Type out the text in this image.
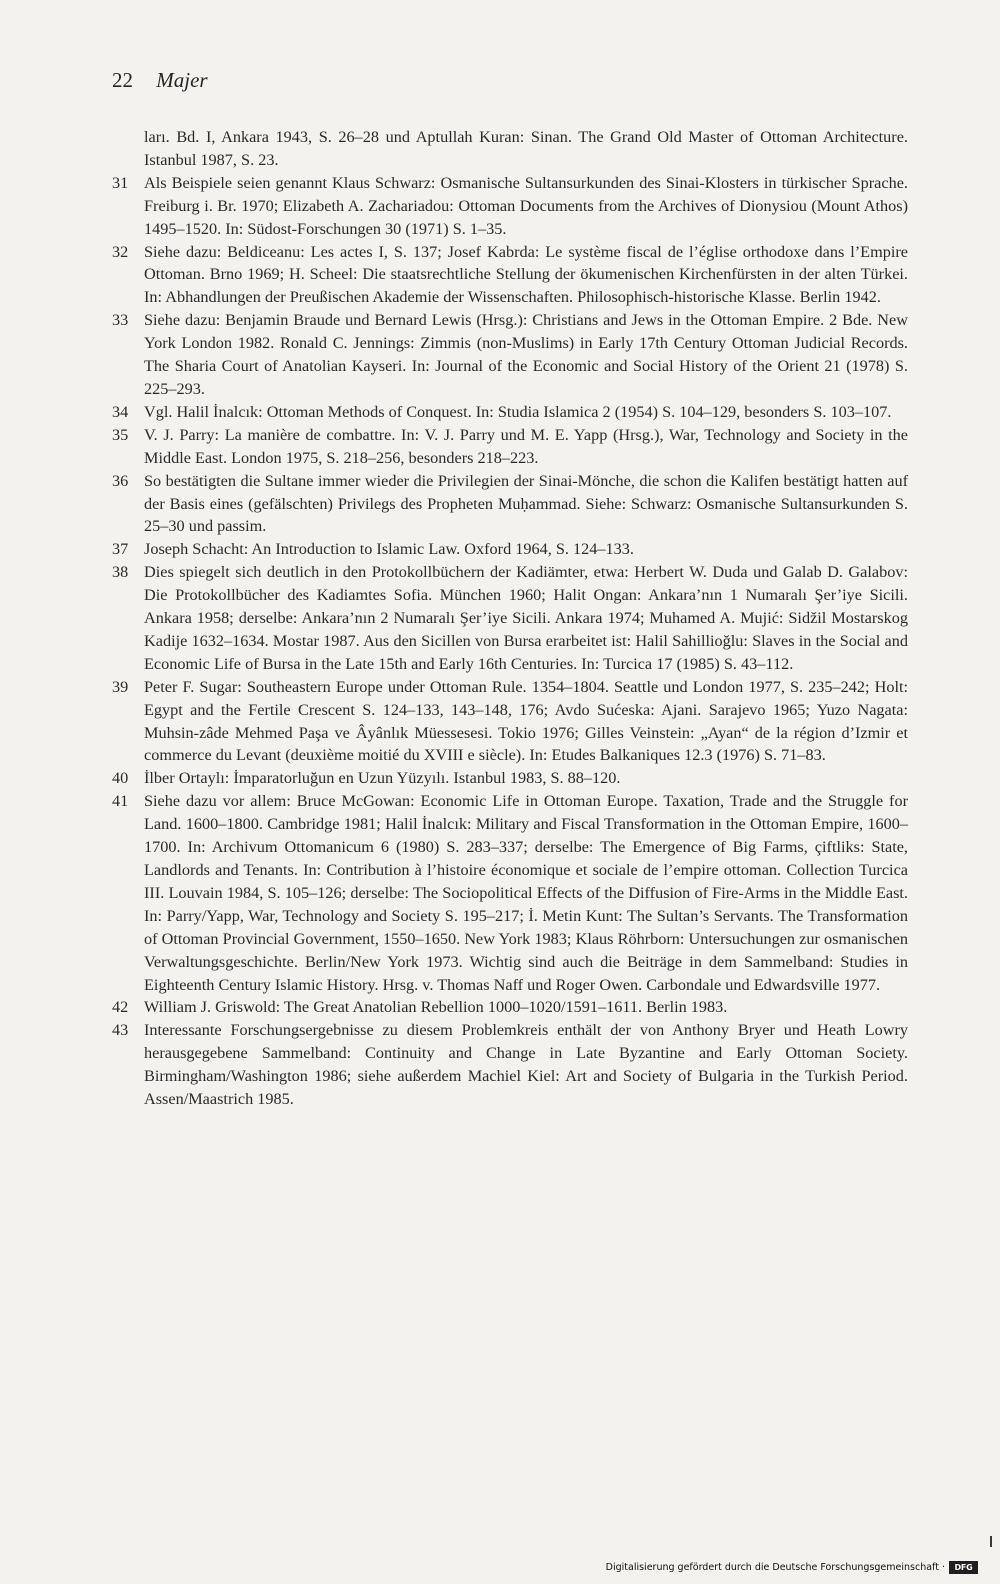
22 Majer
ları. Bd. I, Ankara 1943, S. 26–28 und Aptullah Kuran: Sinan. The Grand Old Master of Ottoman Architecture. Istanbul 1987, S. 23.
31 Als Beispiele seien genannt Klaus Schwarz: Osmanische Sultansurkunden des Sinai-Klosters in türkischer Sprache. Freiburg i. Br. 1970; Elizabeth A. Zachariadou: Ottoman Documents from the Archives of Dionysiou (Mount Athos) 1495–1520. In: Südost-Forschungen 30 (1971) S. 1–35.
32 Siehe dazu: Beldiceanu: Les actes I, S. 137; Josef Kabrda: Le système fiscal de l’église orthodoxe dans l’Empire Ottoman. Brno 1969; H. Scheel: Die staatsrechtliche Stellung der ökumenischen Kirchenfürsten in der alten Türkei. In: Abhandlungen der Preußischen Akademie der Wissenschaften. Philosophisch-historische Klasse. Berlin 1942.
33 Siehe dazu: Benjamin Braude und Bernard Lewis (Hrsg.): Christians and Jews in the Ottoman Empire. 2 Bde. New York London 1982. Ronald C. Jennings: Zimmis (non-Muslims) in Early 17th Century Ottoman Judicial Records. The Sharia Court of Anatolian Kayseri. In: Journal of the Economic and Social History of the Orient 21 (1978) S. 225–293.
34 Vgl. Halil İnalcık: Ottoman Methods of Conquest. In: Studia Islamica 2 (1954) S. 104–129, besonders S. 103–107.
35 V. J. Parry: La manière de combattre. In: V. J. Parry und M. E. Yapp (Hrsg.), War, Technology and Society in the Middle East. London 1975, S. 218–256, besonders 218–223.
36 So bestätigten die Sultane immer wieder die Privilegien der Sinai-Mönche, die schon die Kalifen bestätigt hatten auf der Basis eines (gefälschten) Privilegs des Propheten Muḥammad. Siehe: Schwarz: Osmanische Sultansurkunden S. 25–30 und passim.
37 Joseph Schacht: An Introduction to Islamic Law. Oxford 1964, S. 124–133.
38 Dies spiegelt sich deutlich in den Protokollbüchern der Kadiämter, etwa: Herbert W. Duda und Galab D. Galabov: Die Protokollbücher des Kadiamtes Sofia. München 1960; Halit Ongan: Ankara’nın 1 Numaralı Şer’iye Sicili. Ankara 1958; derselbe: Ankara’nın 2 Numaralı Şer’iye Sicili. Ankara 1974; Muhamed A. Mujić: Sidžil Mostarskog Kadije 1632–1634. Mostar 1987. Aus den Sicillen von Bursa erarbeitet ist: Halil Sahillioğlu: Slaves in the Social and Economic Life of Bursa in the Late 15th and Early 16th Centuries. In: Turcica 17 (1985) S. 43–112.
39 Peter F. Sugar: Southeastern Europe under Ottoman Rule. 1354–1804. Seattle und London 1977, S. 235–242; Holt: Egypt and the Fertile Crescent S. 124–133, 143–148, 176; Avdo Sućeska: Ajani. Sarajevo 1965; Yuzo Nagata: Muhsin-zâde Mehmed Paşa ve Âyânlık Müessesesi. Tokio 1976; Gilles Veinstein: „Ayan“ de la région d’Izmir et commerce du Levant (deuxième moitié du XVIII e siècle). In: Etudes Balkaniques 12.3 (1976) S. 71–83.
40 İlber Ortaylı: İmparatorluğun en Uzun Yüzyılı. Istanbul 1983, S. 88–120.
41 Siehe dazu vor allem: Bruce McGowan: Economic Life in Ottoman Europe. Taxation, Trade and the Struggle for Land. 1600–1800. Cambridge 1981; Halil İnalcık: Military and Fiscal Transformation in the Ottoman Empire, 1600–1700. In: Archivum Ottomanicum 6 (1980) S. 283–337; derselbe: The Emergence of Big Farms, çiftliks: State, Landlords and Tenants. In: Contribution à l’histoire économique et sociale de l’empire ottoman. Collection Turcica III. Louvain 1984, S. 105–126; derselbe: The Sociopolitical Effects of the Diffusion of Fire-Arms in the Middle East. In: Parry/Yapp, War, Technology and Society S. 195–217; İ. Metin Kunt: The Sultan’s Servants. The Transformation of Ottoman Provincial Government, 1550–1650. New York 1983; Klaus Röhrborn: Untersuchungen zur osmanischen Verwaltungsgeschichte. Berlin/New York 1973. Wichtig sind auch die Beiträge in dem Sammelband: Studies in Eighteenth Century Islamic History. Hrsg. v. Thomas Naff und Roger Owen. Carbondale und Edwardsville 1977.
42 William J. Griswold: The Great Anatolian Rebellion 1000–1020/1591–1611. Berlin 1983.
43 Interessante Forschungsergebnisse zu diesem Problemkreis enthält der von Anthony Bryer und Heath Lowry herausgegebene Sammelband: Continuity and Change in Late Byzantine and Early Ottoman Society. Birmingham/Washington 1986; siehe außerdem Machiel Kiel: Art and Society of Bulgaria in the Turkish Period. Assen/Maastrich 1985.
Digitalisierung gefördert durch die Deutsche Forschungsgemeinschaft ·	DFG
